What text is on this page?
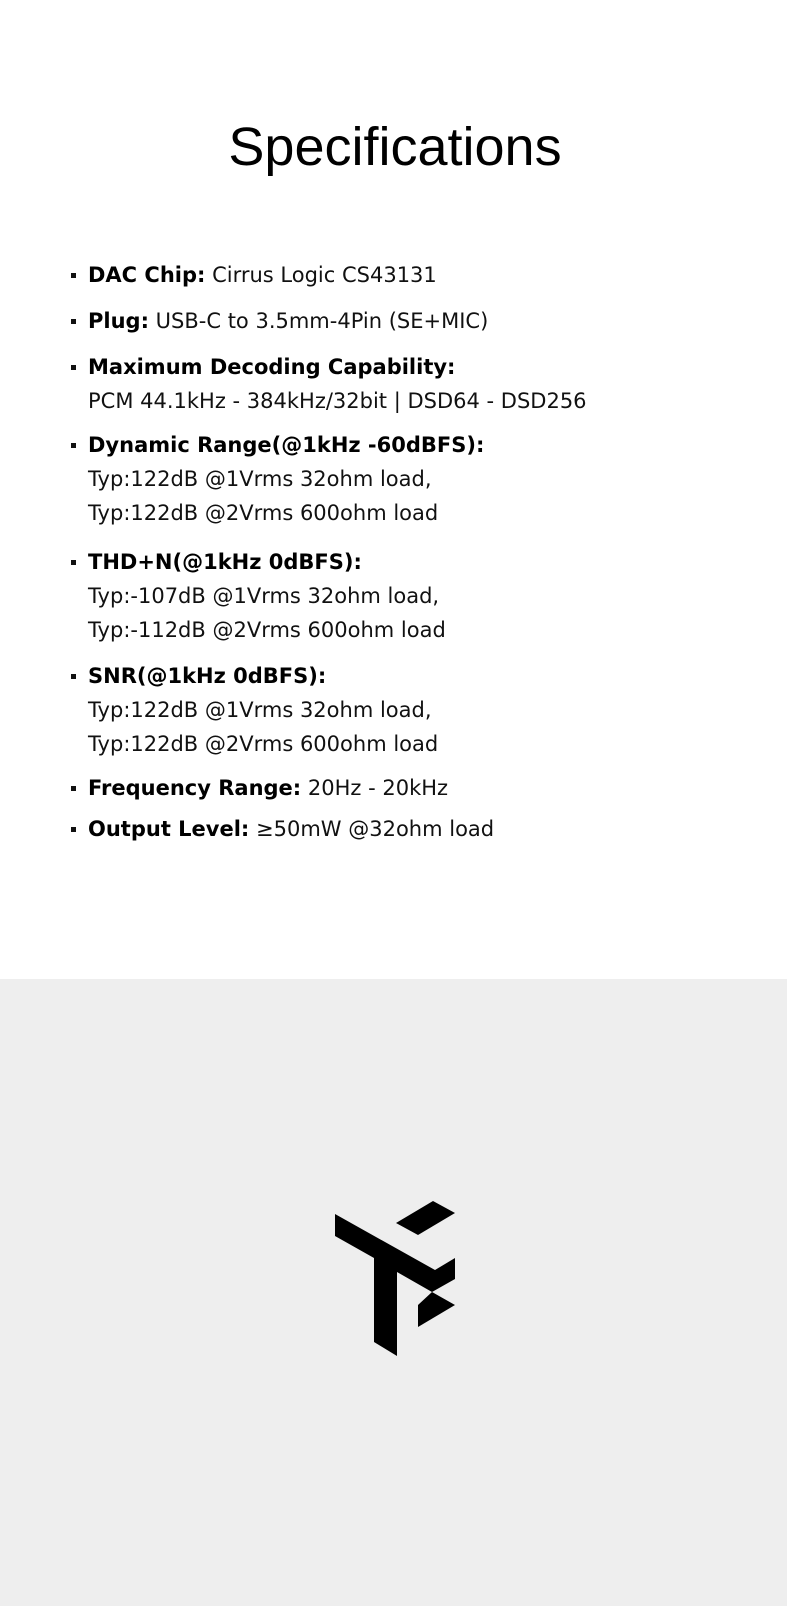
Specifications
DAC Chip: Cirrus Logic CS43131
Plug: USB-C to 3.5mm-4Pin (SE+MIC)
Maximum Decoding Capability:
PCM 44.1kHz - 384kHz/32bit | DSD64 - DSD256
Dynamic Range(@1kHz -60dBFS):
Typ:122dB @1Vrms 32ohm load,
Typ:122dB @2Vrms 600ohm load
THD+N(@1kHz 0dBFS):
Typ:-107dB @1Vrms 32ohm load,
Typ:-112dB @2Vrms 600ohm load
SNR(@1kHz 0dBFS):
Typ:122dB @1Vrms 32ohm load,
Typ:122dB @2Vrms 600ohm load
Frequency Range: 20Hz - 20kHz
Output Level: ≥50mW @32ohm load
